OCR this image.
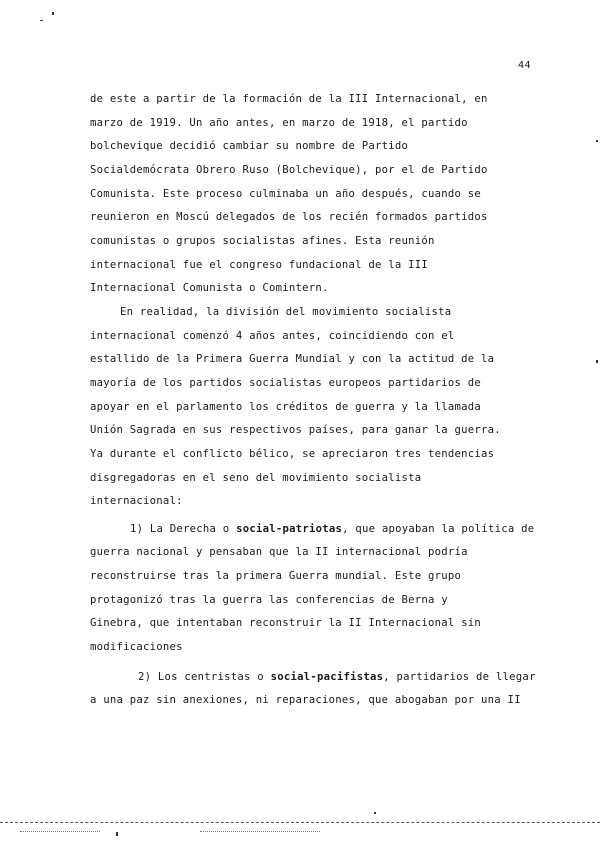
44
de este a partir de la formación de la III Internacional, en
marzo de 1919. Un año antes, en marzo de 1918, el partido
bolchevique decidió cambiar su nombre de Partido
Socialdemócrata Obrero Ruso (Bolchevique), por el de Partido
Comunista. Este proceso culminaba un año después, cuando se
reunieron en Moscú delegados de los recién formados partidos
comunistas o grupos socialistas afines. Esta reunión
internacional fue el congreso fundacional de la III
Internacional Comunista o Comintern.
En realidad, la división del movimiento socialista
internacional comenzó 4 años antes, coincidiendo con el
estallido de la Primera Guerra Mundial y con la actitud de la
mayoría de los partidos socialistas europeos partidarios de
apoyar en el parlamento los créditos de guerra y la llamada
Unión Sagrada en sus respectivos países, para ganar la guerra.
Ya durante el conflicto bélico, se apreciaron tres tendencias
disgregadoras en el seno del movimiento socialista
internacional:
1) La Derecha o social-patriotas, que apoyaban la política de
guerra nacional y pensaban que la II internacional podría
reconstruirse tras la primera Guerra mundial. Este grupo
protagonizó tras la guerra las conferencias de Berna y
Ginebra, que intentaban reconstruir la II Internacional sin
modificaciones
2) Los centristas o social-pacifistas, partidarios de llegar
a una paz sin anexiones, ni reparaciones, que abogaban por una II
